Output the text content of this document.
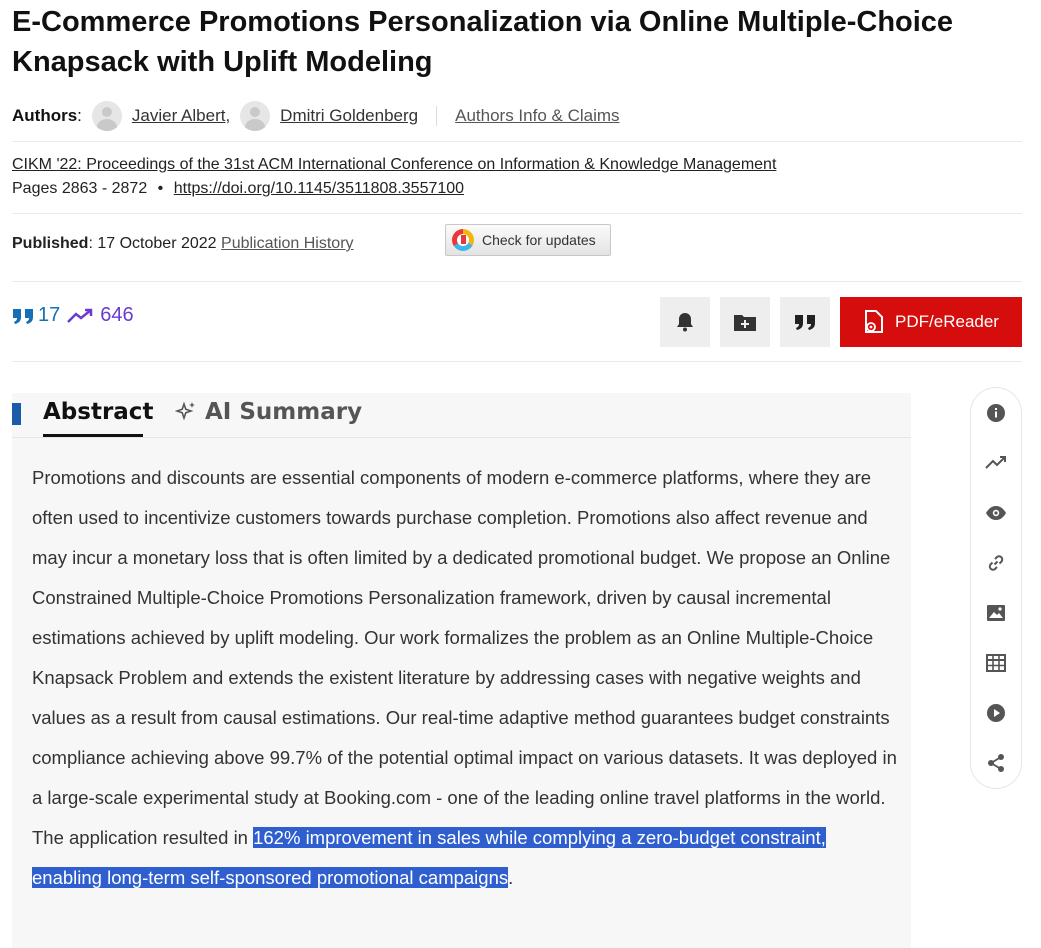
E-Commerce Promotions Personalization via Online Multiple-Choice Knapsack with Uplift Modeling
Authors :	Javier Albert,	Dmitri Goldenberg Authors Info & Claims
CIKM '22: Proceedings of the 31st ACM International Conference on Information & Knowledge Management
Pages 2863 - 2872 • https://doi.org/10.1145/3511808.3557100
Published: 17 October 2022 Publication History	Check for updates
17 646	PDF/eReader
Abstract AI Summary

Promotions and discounts are essential components of modern e-commerce platforms, where they are often used to incentivize customers towards purchase completion. Promotions also affect revenue and may incur a monetary loss that is often limited by a dedicated promotional budget. We propose an Online Constrained Multiple-Choice Promotions Personalization framework, driven by causal incremental estimations achieved by uplift modeling. Our work formalizes the problem as an Online Multiple-Choice Knapsack Problem and extends the existent literature by addressing cases with negative weights and values as a result from causal estimations. Our real-time adaptive method guarantees budget constraints compliance achieving above 99.7% of the potential optimal impact on various datasets. It was deployed in a large-scale experimental study at Booking.com - one of the leading online travel platforms in the world. The application resulted in 162% improvement in sales while complying a zero-budget constraint, enabling long-term self-sponsored promotional campaigns.
